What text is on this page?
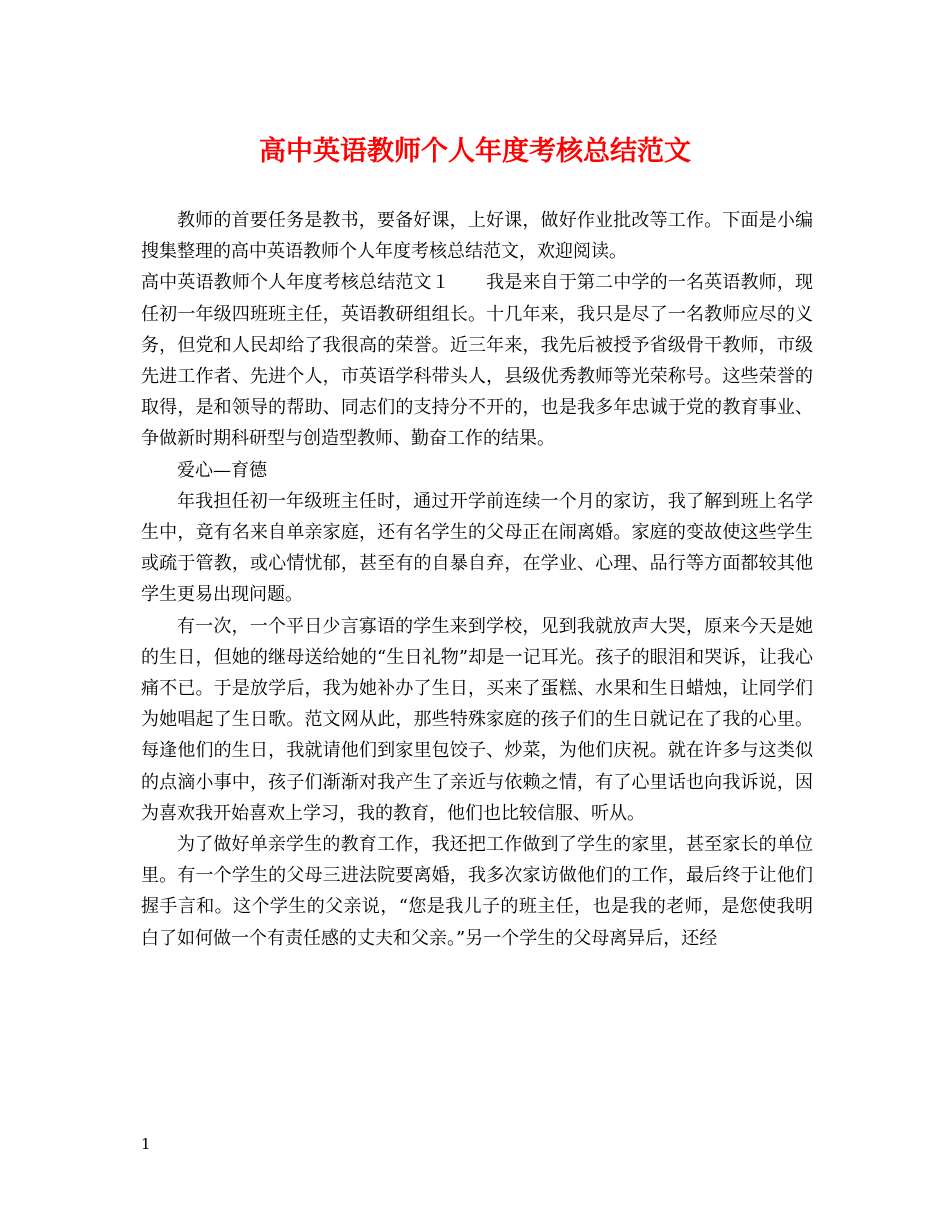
高中英语教师个人年度考核总结范文

教师的首要任务是教书，要备好课，上好课，做好作业批改等工作。下面是小编搜集整理的高中英语教师个人年度考核总结范文，欢迎阅读。

高中英语教师个人年度考核总结范文１　　我是来自于第二中学的一名英语教师，现任初一年级四班班主任，英语教研组组长。十几年来，我只是尽了一名教师应尽的义务，但党和人民却给了我很高的荣誉。近三年来，我先后被授予省级骨干教师，市级先进工作者、先进个人，市英语学科带头人，县级优秀教师等光荣称号。这些荣誉的取得，是和领导的帮助、同志们的支持分不开的，也是我多年忠诚于党的教育事业、争做新时期科研型与创造型教师、勤奋工作的结果。

爱心—育德

年我担任初一年级班主任时，通过开学前连续一个月的家访，我了解到班上名学生中，竟有名来自单亲家庭，还有名学生的父母正在闹离婚。家庭的变故使这些学生或疏于管教，或心情忧郁，甚至有的自暴自弃，在学业、心理、品行等方面都较其他学生更易出现问题。

有一次，一个平日少言寡语的学生来到学校，见到我就放声大哭，原来今天是她的生日，但她的继母送给她的“生日礼物”却是一记耳光。孩子的眼泪和哭诉，让我心痛不已。于是放学后，我为她补办了生日，买来了蛋糕、水果和生日蜡烛，让同学们为她唱起了生日歌。范文网从此，那些特殊家庭的孩子们的生日就记在了我的心里。每逢他们的生日，我就请他们到家里包饺子、炒菜，为他们庆祝。就在许多与这类似的点滴小事中，孩子们渐渐对我产生了亲近与依赖之情，有了心里话也向我诉说，因为喜欢我开始喜欢上学习，我的教育，他们也比较信服、听从。

为了做好单亲学生的教育工作，我还把工作做到了学生的家里，甚至家长的单位里。有一个学生的父母三进法院要离婚，我多次家访做他们的工作，最后终于让他们握手言和。这个学生的父亲说，“您是我儿子的班主任，也是我的老师，是您使我明白了如何做一个有责任感的丈夫和父亲。”另一个学生的父母离异后，还经

1
